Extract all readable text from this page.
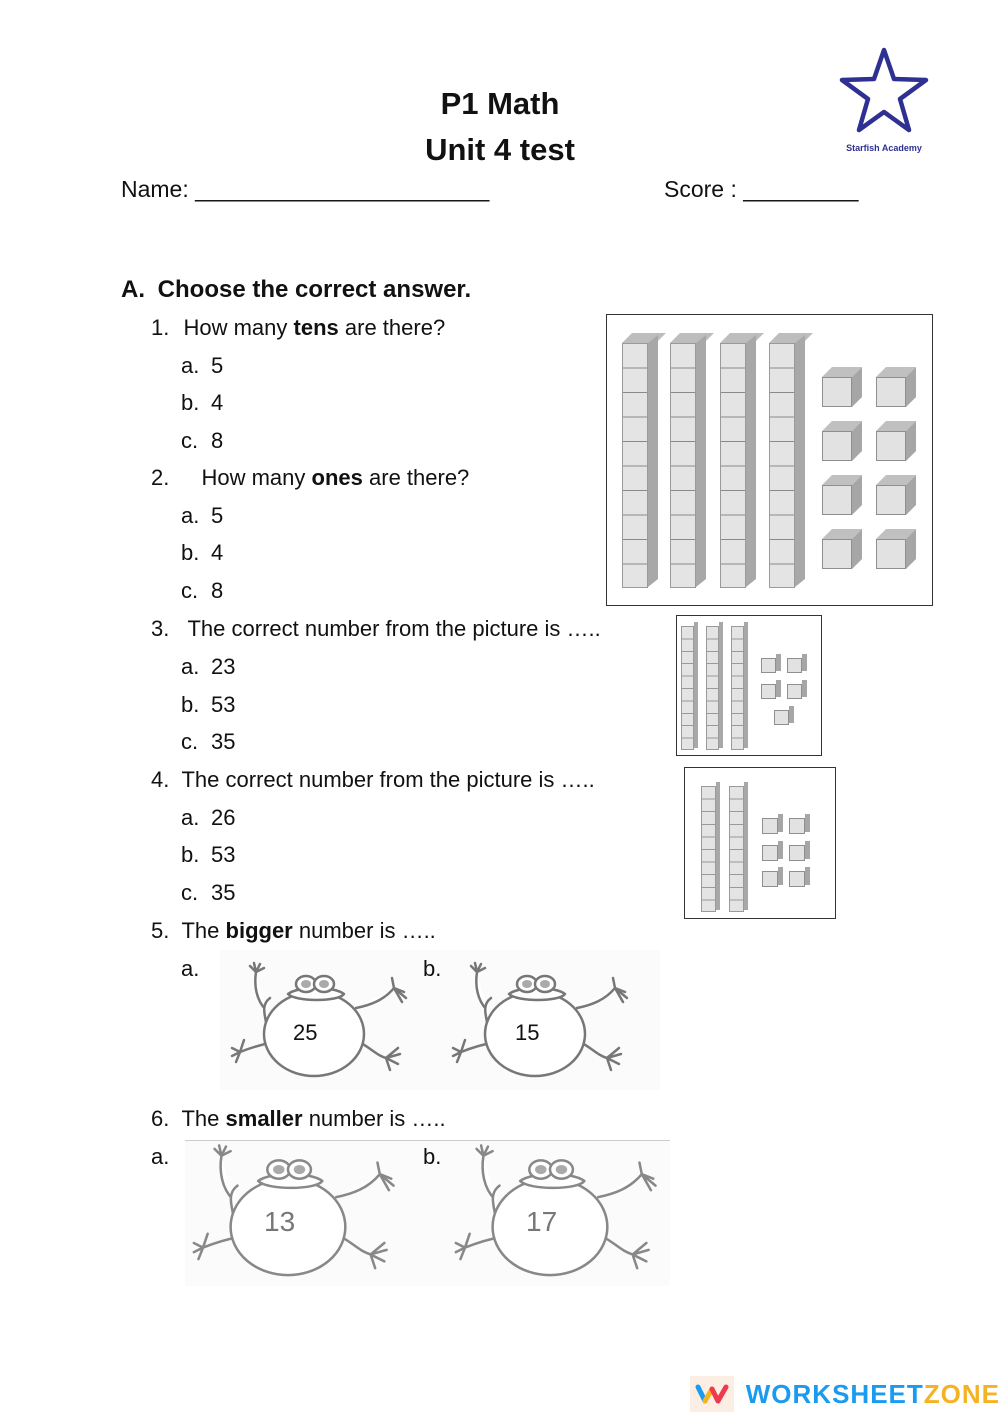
P1 Math
Unit 4 test
Name: _______________________	Score : _________
Starfish Academy
A. Choose the correct answer.
1. How many tens are there?
a. 5
b. 4
c. 8
2. How many ones are there?
a. 5
b. 4
c. 8
3. The correct number from the picture is …..
a. 23
b. 53
c. 35
4. The correct number from the picture is …..
a. 26
b. 53
c. 35
5. The bigger number is …..
a.	b.
25	15
6. The smaller number is …..
a.	b.
13	17
WORKSHEETZONE
